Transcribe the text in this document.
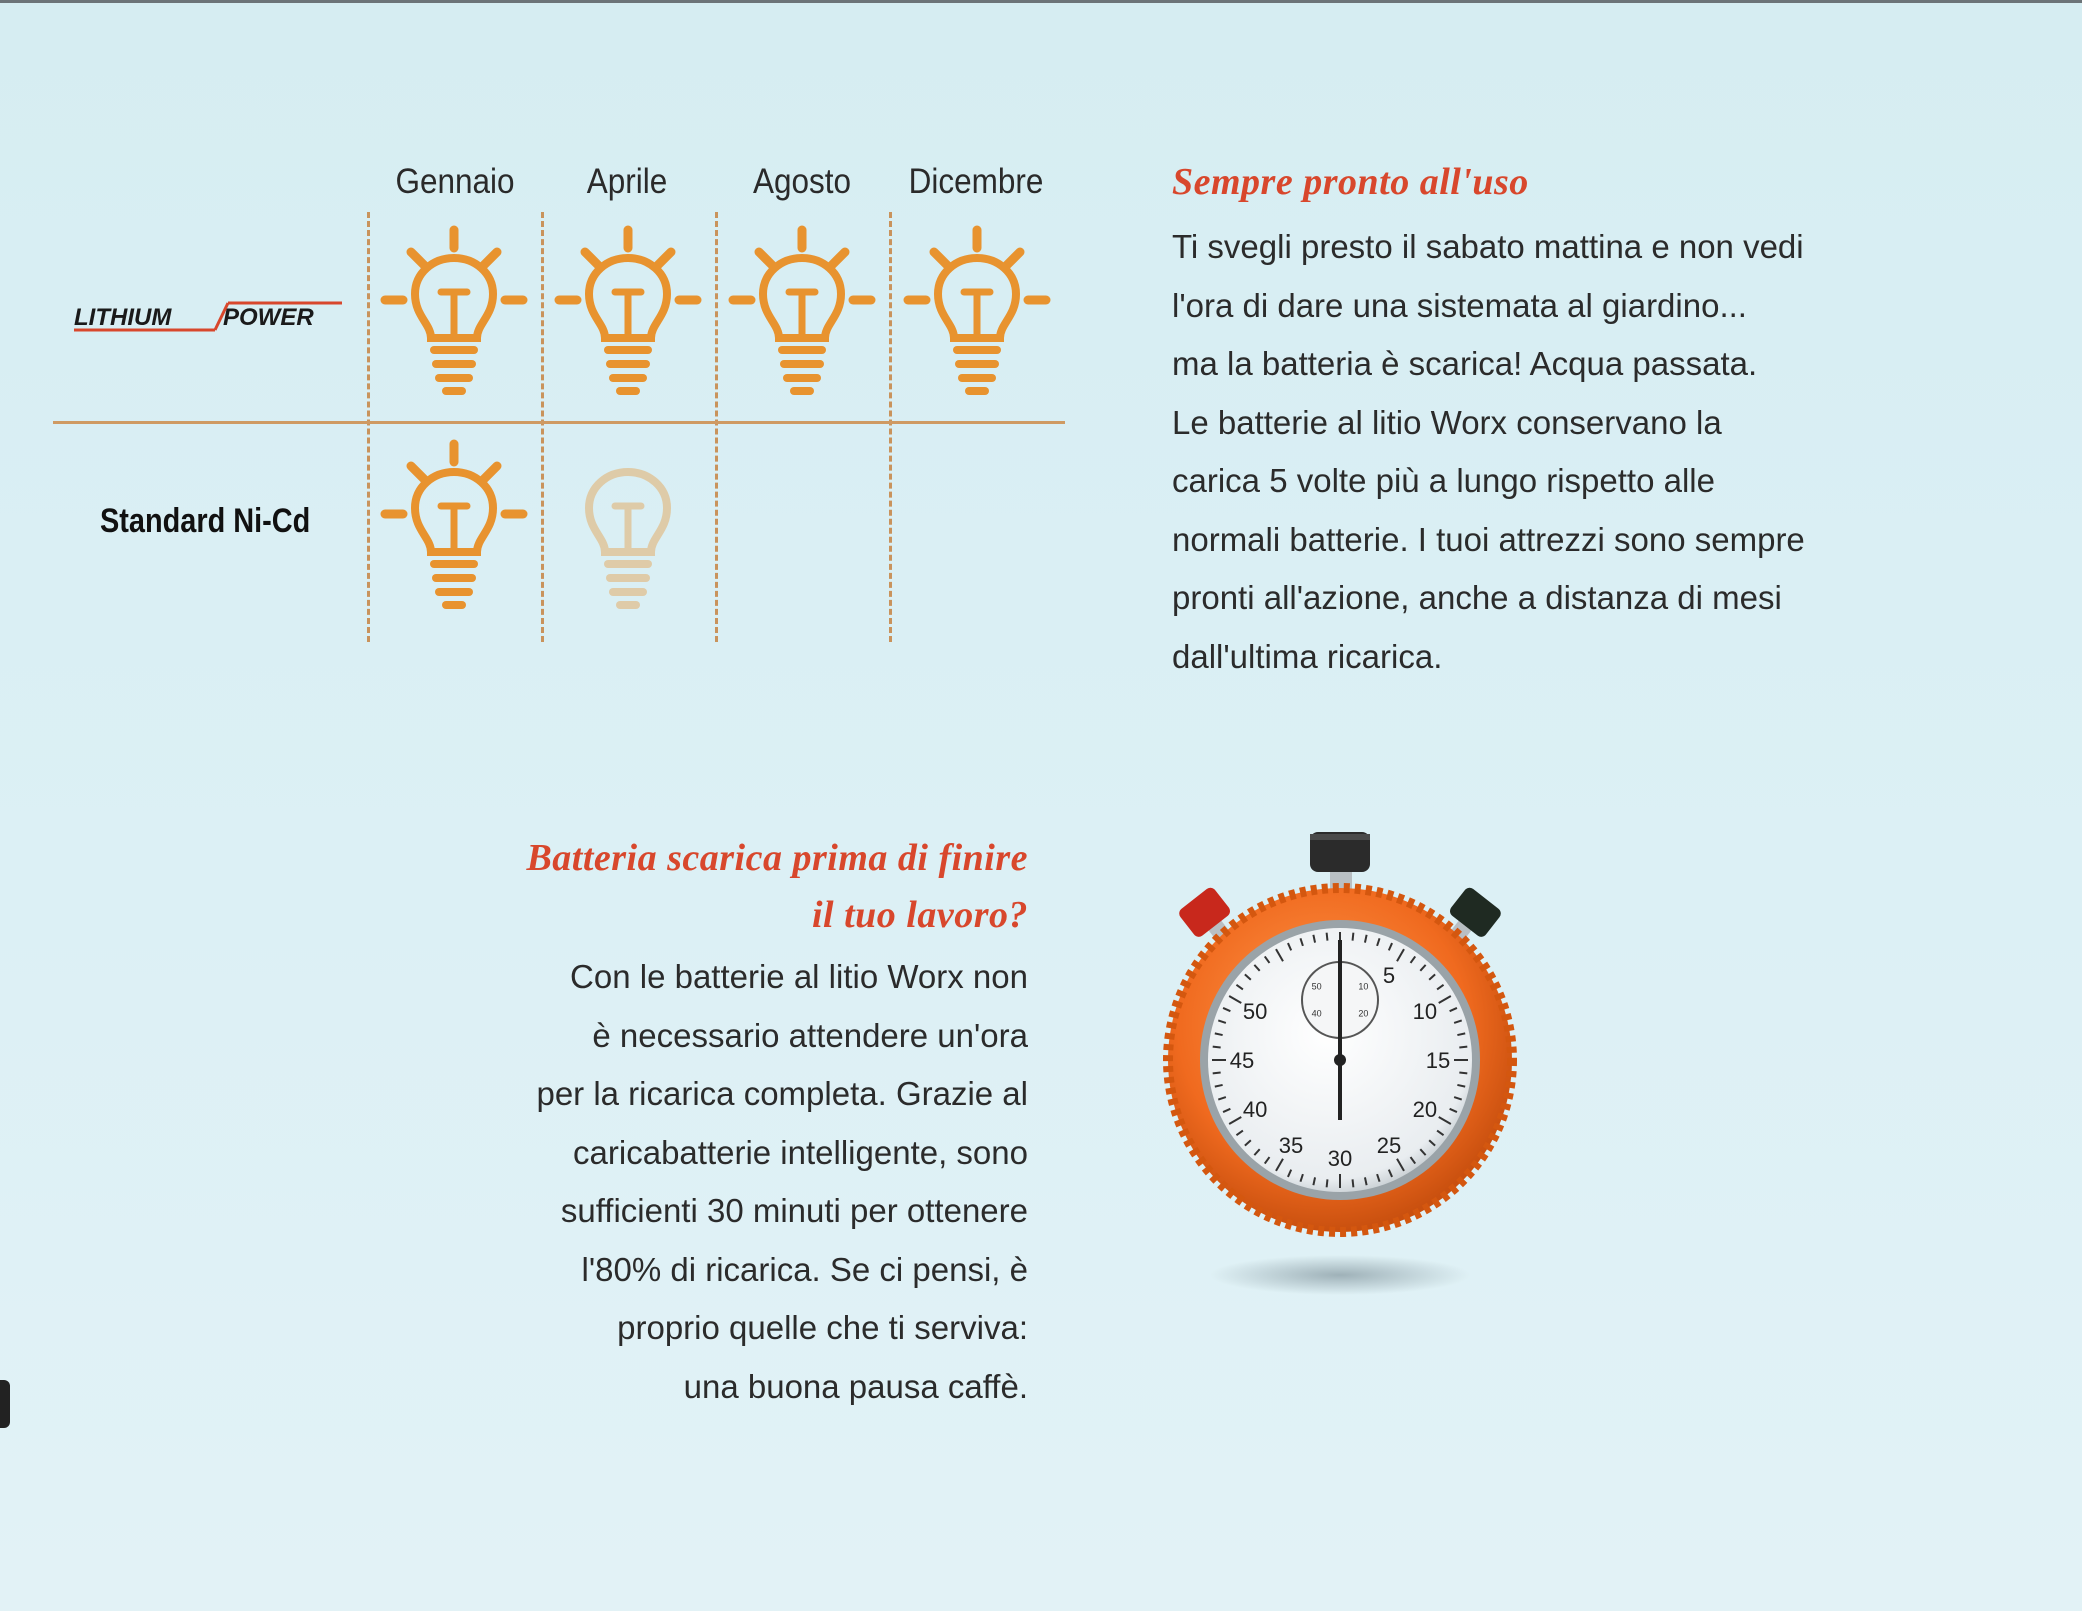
Gennaio	Aprile	Agosto	Dicembre
LITHIUM POWER
Standard Ni-Cd
Sempre pronto all'uso
Ti svegli presto il sabato mattina e non vedi
l'ora di dare una sistemata al giardino...
ma la batteria è scarica! Acqua passata.
Le batterie al litio Worx conservano la
carica 5 volte più a lungo rispetto alle
normali batterie. I tuoi attrezzi sono sempre
pronti all'azione, anche a distanza di mesi
dall'ultima ricarica.
Batteria scarica prima di finire
il tuo lavoro?
Con le batterie al litio Worx non
è necessario attendere un'ora
per la ricarica completa. Grazie al
caricabatterie intelligente, sono
sufficienti 30 minuti per ottenere
l'80% di ricarica. Se ci pensi, è
proprio quelle che ti serviva:
una buona pausa caffè.
5
10
15
20
25
30
35
40
45
50
10
20
40
50
